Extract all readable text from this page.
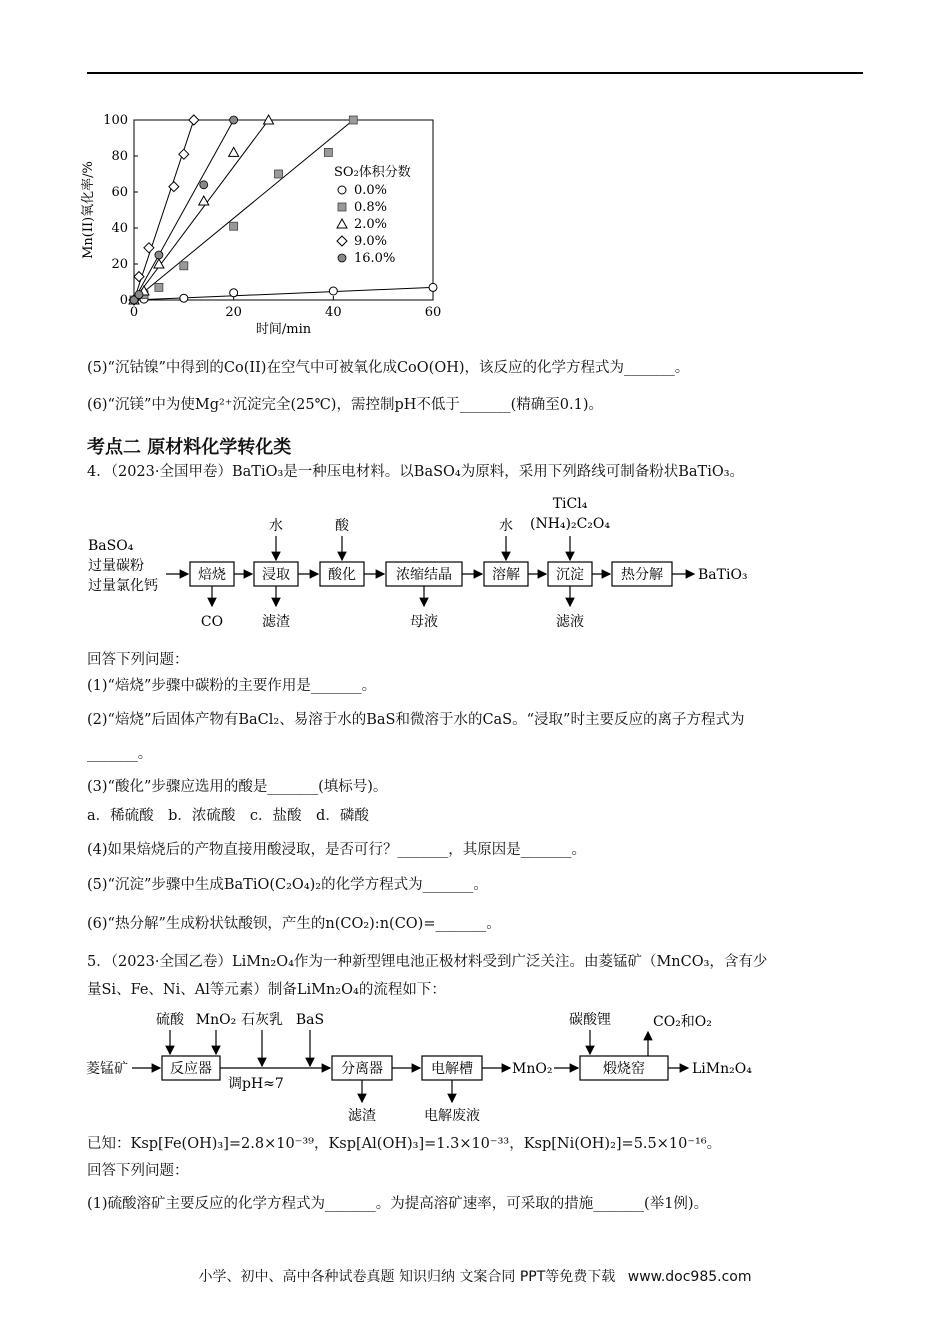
0	20	40	60
0
20
40
60
80
100
时间/min
Mn(II)氧化率/%	SO₂体积分数
0.0%
0.8%
2.0%
9.0%
16.0%
(5)“沉钴镍”中得到的Co(II)在空气中可被氧化成CoO(OH)，该反应的化学方程式为_______。
(6)“沉镁”中为使Mg²⁺沉淀完全(25℃)，需控制pH不低于_______(精确至0.1)。
考点二 原材料化学转化类
4．（2023·全国甲卷）BaTiO₃是一种压电材料。以BaSO₄为原料，采用下列路线可制备粉状BaTiO₃。
BaSO₄
过量碳粉
过量氯化钙
焙烧	浸取	酸化	浓缩结晶	溶解	沉淀	热分解
水	酸	水
TiCl₄
(NH₄)₂C₂O₄
CO	滤渣	母液	滤液
BaTiO₃
回答下列问题：
(1)“焙烧”步骤中碳粉的主要作用是_______。
(2)“焙烧”后固体产物有BaCl₂、易溶于水的BaS和微溶于水的CaS。“浸取”时主要反应的离子方程式为
_______。
(3)“酸化”步骤应选用的酸是_______(填标号)。
a．稀硫酸　b．浓硫酸　c．盐酸　d．磷酸
(4)如果焙烧后的产物直接用酸浸取，是否可行？_______，其原因是_______。
(5)“沉淀”步骤中生成BaTiO(C₂O₄)₂的化学方程式为_______。
(6)“热分解”生成粉状钛酸钡，产生的n(CO₂):n(CO)=_______。
5．（2023·全国乙卷）LiMn₂O₄作为一种新型锂电池正极材料受到广泛关注。由菱锰矿（MnCO₃，含有少
量Si、Fe、Ni、Al等元素）制备LiMn₂O₄的流程如下：
菱锰矿	反应器	分离器	电解槽	煅烧窑
硫酸 MnO₂ 石灰乳 BaS
调pH≈7
滤渣	电解废液
MnO₂
碳酸锂	CO₂和O₂
LiMn₂O₄
已知：Ksp[Fe(OH)₃]=2.8×10⁻³⁹，Ksp[Al(OH)₃]=1.3×10⁻³³，Ksp[Ni(OH)₂]=5.5×10⁻¹⁶。
回答下列问题：
(1)硫酸溶矿主要反应的化学方程式为_______。为提高溶矿速率，可采取的措施_______(举1例)。
小学、初中、高中各种试卷真题 知识归纳 文案合同 PPT等免费下载 www.doc985.com
